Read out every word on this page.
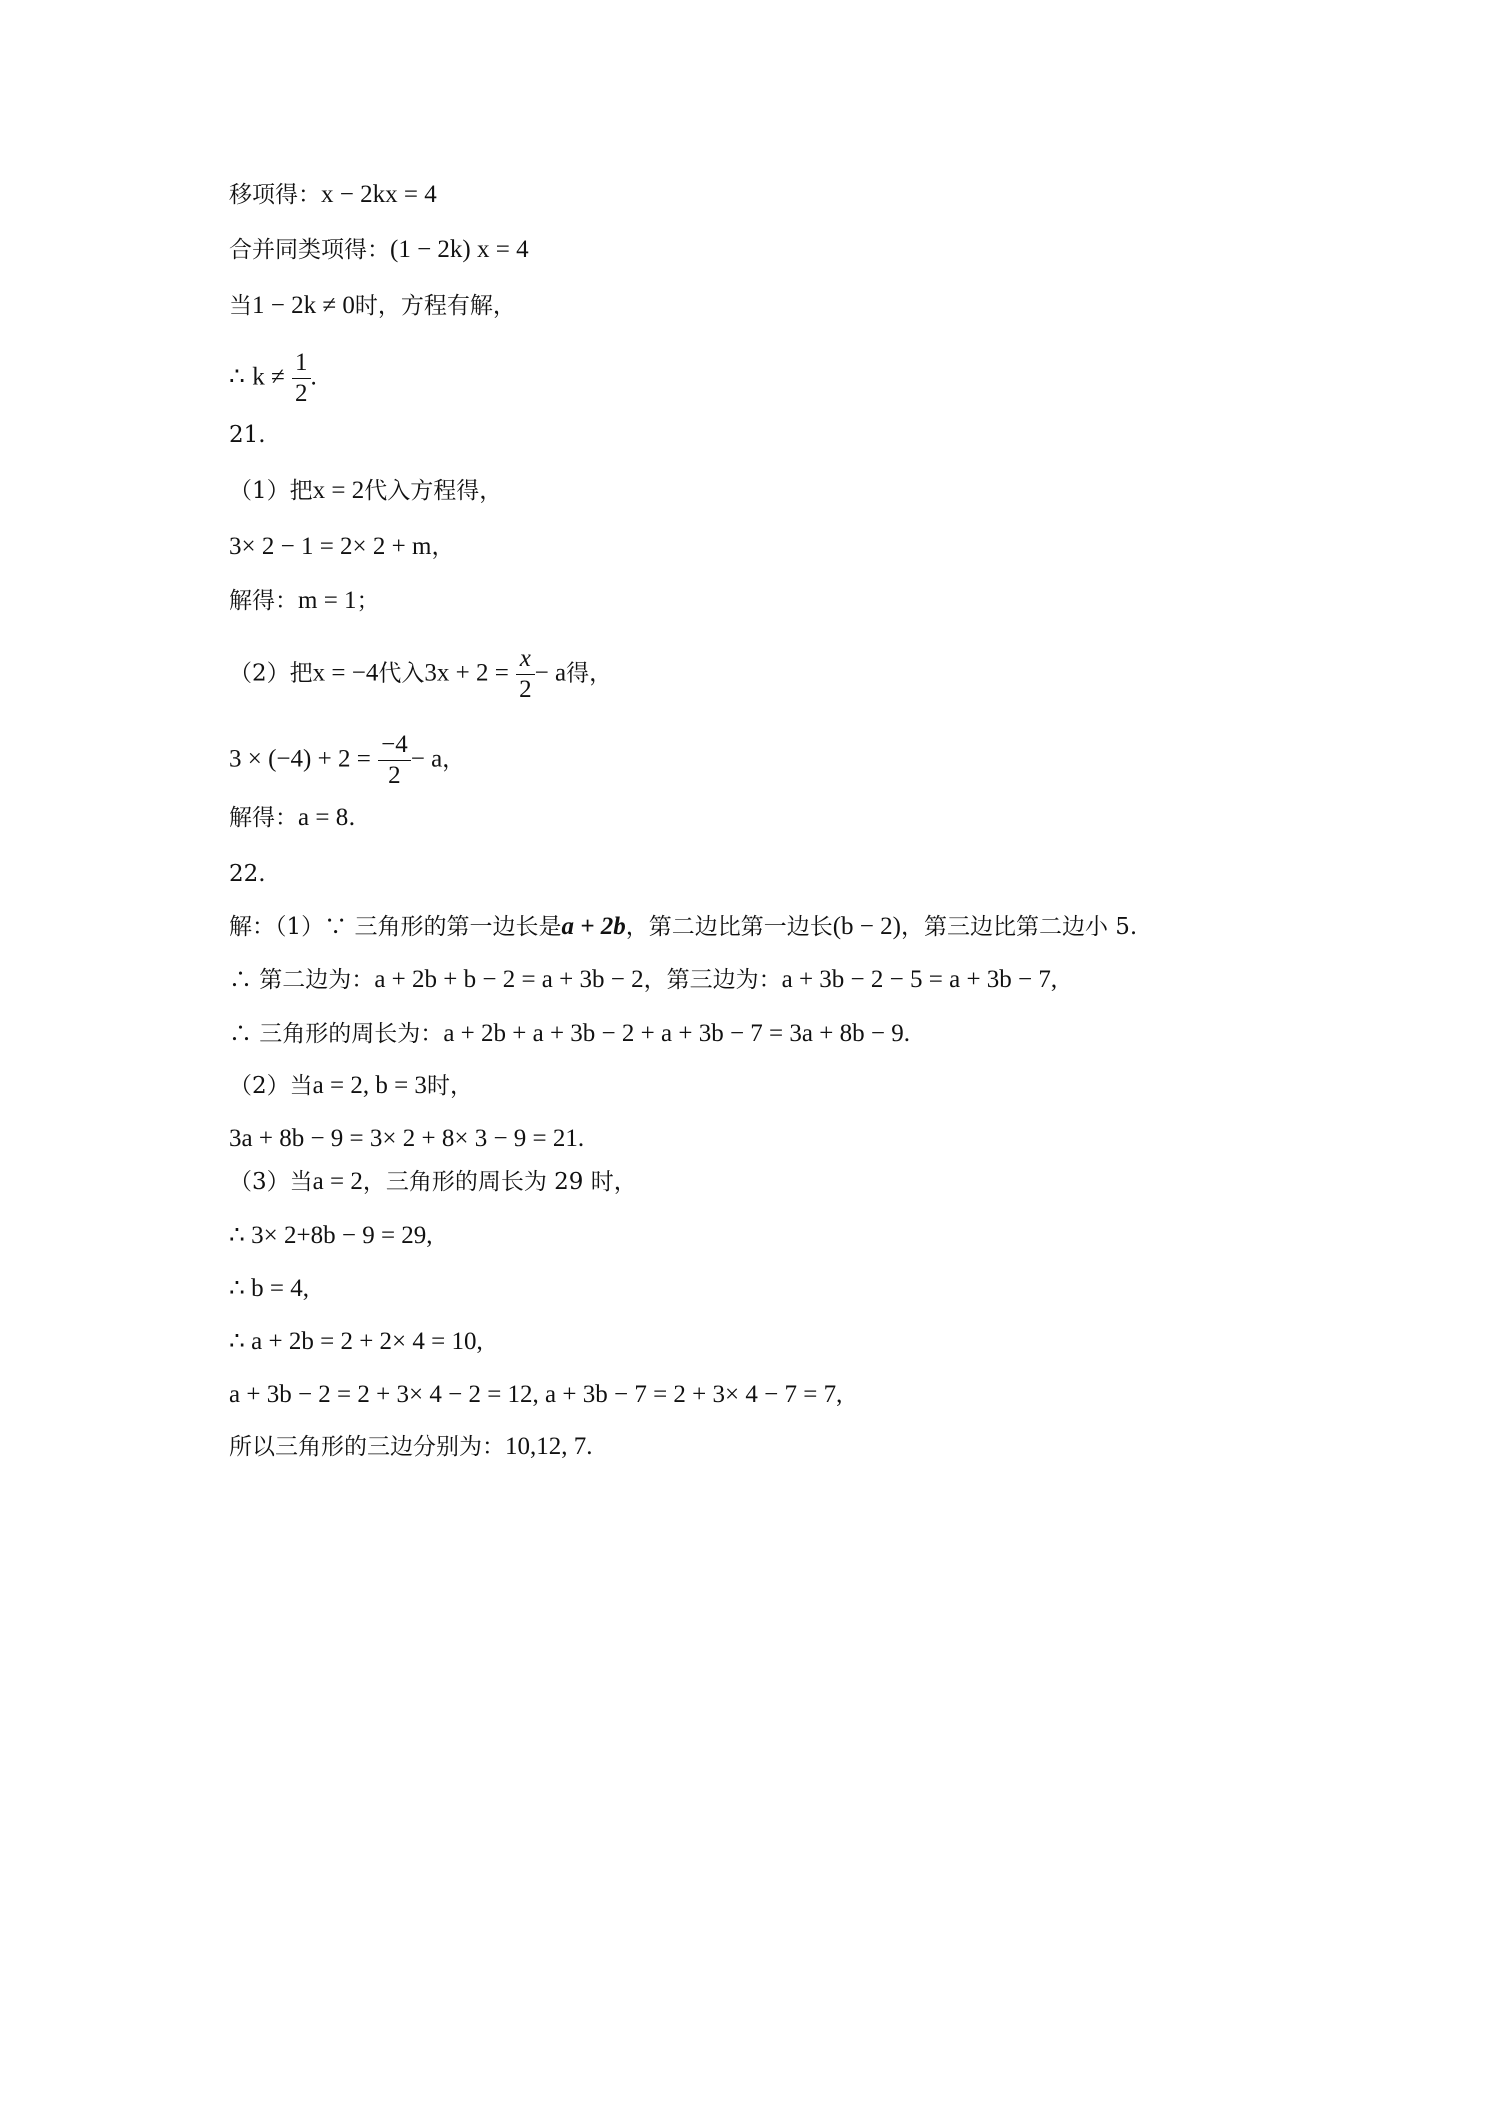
移项得：x − 2kx = 4
合并同类项得：(1 − 2k) x = 4
当1 − 2k ≠ 0时，方程有解，
∴ $k \ne \frac{1}{2}$ .
21.
（1）把x = 2代入方程得，
3× 2 − 1 = 2× 2 + m，
解得：m = 1；
（2）把x = −4代入$3x + 2 = \frac{x}{2} - a$得，
$3 \times (-4) + 2 = \frac{-4}{2} - a$，
解得：a = 8.
22.
解：（1）∵ 三角形的第一边长是a + 2b，第二边比第一边长(b − 2)，第三边比第二边小 5.
∴ 第二边为：a + 2b + b − 2 = a + 3b − 2，第三边为：a + 3b − 2 − 5 = a + 3b − 7,
∴ 三角形的周长为：a + 2b + a + 3b − 2 + a + 3b − 7 = 3a + 8b − 9.
（2）当a = 2, b = 3时，
3a + 8b − 9 = 3× 2 + 8× 3 − 9 = 21.
（3）当a = 2，三角形的周长为 29 时，
∴ 3× 2+8b − 9 = 29,
∴ b = 4,
∴ a + 2b = 2 + 2× 4 = 10,
a + 3b − 2 = 2 + 3× 4 − 2 = 12, a + 3b − 7 = 2 + 3× 4 − 7 = 7,
所以三角形的三边分别为：10,12, 7.
